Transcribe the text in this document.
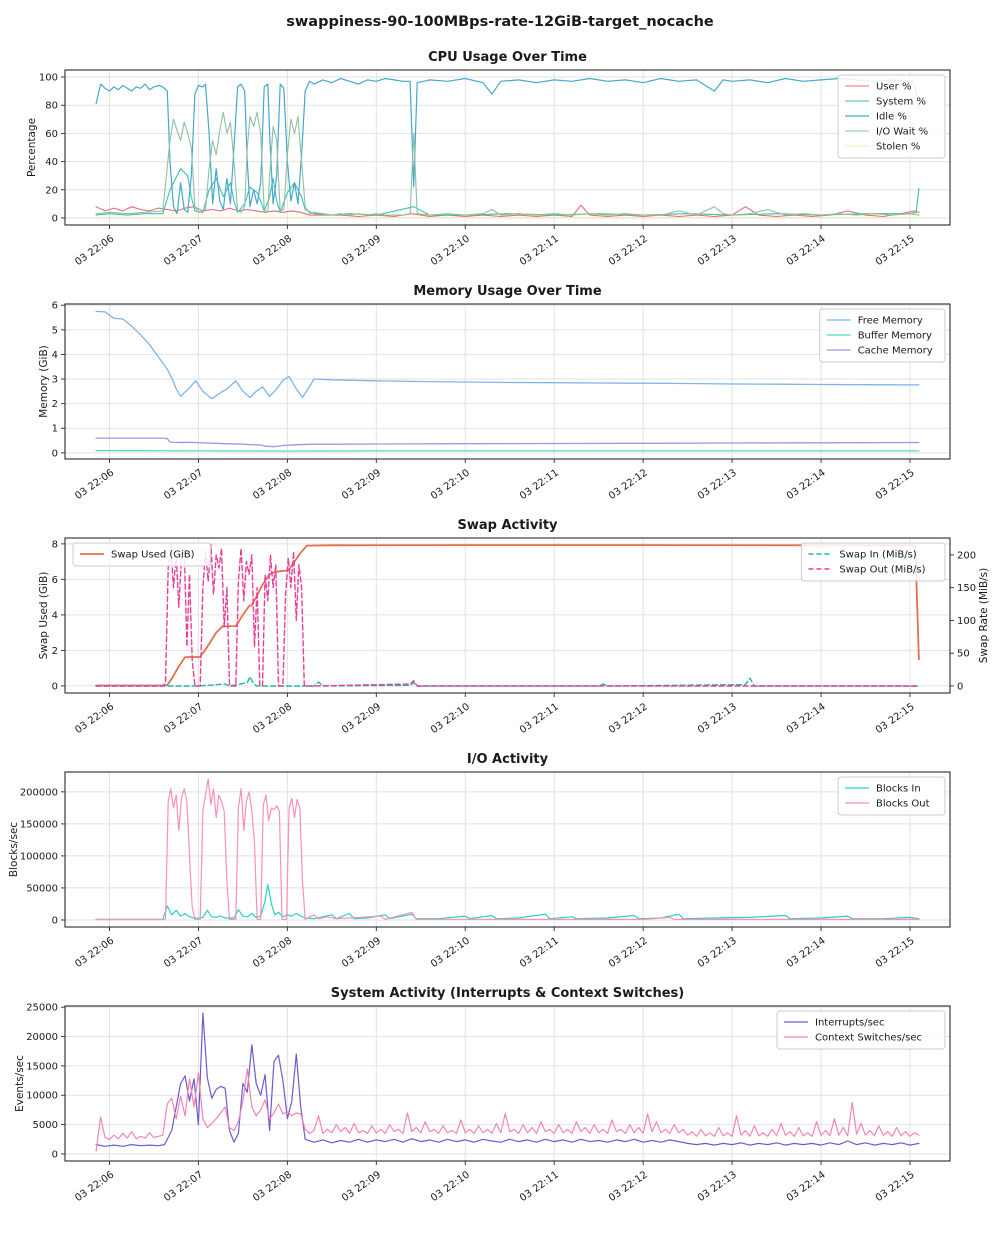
swappiness-90-100MBps-rate-12GiB-target_nocache
0
20
40
60
80
100
03 22:06	03 22:07	03 22:08	03 22:09	03 22:10	03 22:11	03 22:12	03 22:13	03 22:14	03 22:15
Percentage
CPU Usage Over Time
User %
System %
Idle %
I/O Wait %
Stolen %
0
1
2
3
4
5
6
03 22:06	03 22:07	03 22:08	03 22:09	03 22:10	03 22:11	03 22:12	03 22:13	03 22:14	03 22:15
Memory (GiB)
Memory Usage Over Time
Free Memory
Buffer Memory
Cache Memory
0
2
4
6
8
03 22:06	03 22:07	03 22:08	03 22:09	03 22:10	03 22:11	03 22:12	03 22:13	03 22:14	03 22:15
0
50
100
150
200
Swap Rate (MiB/s)
Swap Used (GiB)
Swap Activity
Swap Used (GiB)	Swap In (MiB/s)
Swap Out (MiB/s)
0
50000
100000
150000
200000
03 22:06	03 22:07	03 22:08	03 22:09	03 22:10	03 22:11	03 22:12	03 22:13	03 22:14	03 22:15
Blocks/sec
I/O Activity
Blocks In
Blocks Out
0
5000
10000
15000
20000
25000
03 22:06	03 22:07	03 22:08	03 22:09	03 22:10	03 22:11	03 22:12	03 22:13	03 22:14	03 22:15
Events/sec
System Activity (Interrupts & Context Switches)
Interrupts/sec
Context Switches/sec
